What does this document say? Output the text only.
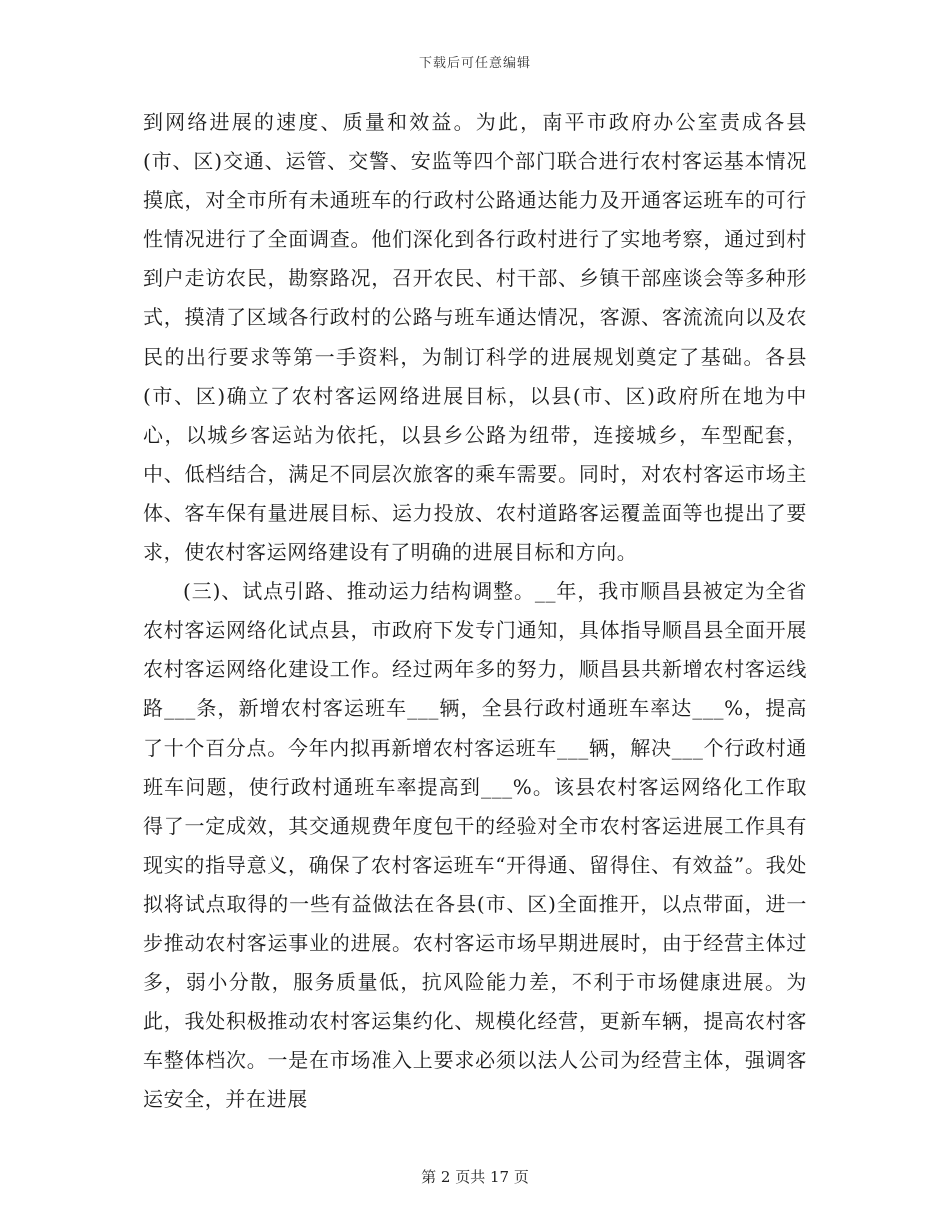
下载后可任意编辑

到网络进展的速度、质量和效益。为此，南平市政府办公室责成各县(市、区)交通、运管、交警、安监等四个部门联合进行农村客运基本情况摸底，对全市所有未通班车的行政村公路通达能力及开通客运班车的可行性情况进行了全面调查。他们深化到各行政村进行了实地考察，通过到村到户走访农民，勘察路况，召开农民、村干部、乡镇干部座谈会等多种形式，摸清了区域各行政村的公路与班车通达情况，客源、客流流向以及农民的出行要求等第一手资料，为制订科学的进展规划奠定了基础。各县(市、区)确立了农村客运网络进展目标，以县(市、区)政府所在地为中心，以城乡客运站为依托，以县乡公路为纽带，连接城乡，车型配套，中、低档结合，满足不同层次旅客的乘车需要。同时，对农村客运市场主体、客车保有量进展目标、运力投放、农村道路客运覆盖面等也提出了要求，使农村客运网络建设有了明确的进展目标和方向。

(三)、试点引路、推动运力结构调整。__年，我市顺昌县被定为全省农村客运网络化试点县，市政府下发专门通知，具体指导顺昌县全面开展农村客运网络化建设工作。经过两年多的努力，顺昌县共新增农村客运线路___条，新增农村客运班车___辆，全县行政村通班车率达___%，提高了十个百分点。今年内拟再新增农村客运班车___辆，解决___个行政村通班车问题，使行政村通班车率提高到___%。该县农村客运网络化工作取得了一定成效，其交通规费年度包干的经验对全市农村客运进展工作具有现实的指导意义，确保了农村客运班车“开得通、留得住、有效益”。我处拟将试点取得的一些有益做法在各县(市、区)全面推开，以点带面，进一步推动农村客运事业的进展。农村客运市场早期进展时，由于经营主体过多，弱小分散，服务质量低，抗风险能力差，不利于市场健康进展。为此，我处积极推动农村客运集约化、规模化经营，更新车辆，提高农村客车整体档次。一是在市场准入上要求必须以法人公司为经营主体，强调客运安全，并在进展

第 2 页共 17 页
